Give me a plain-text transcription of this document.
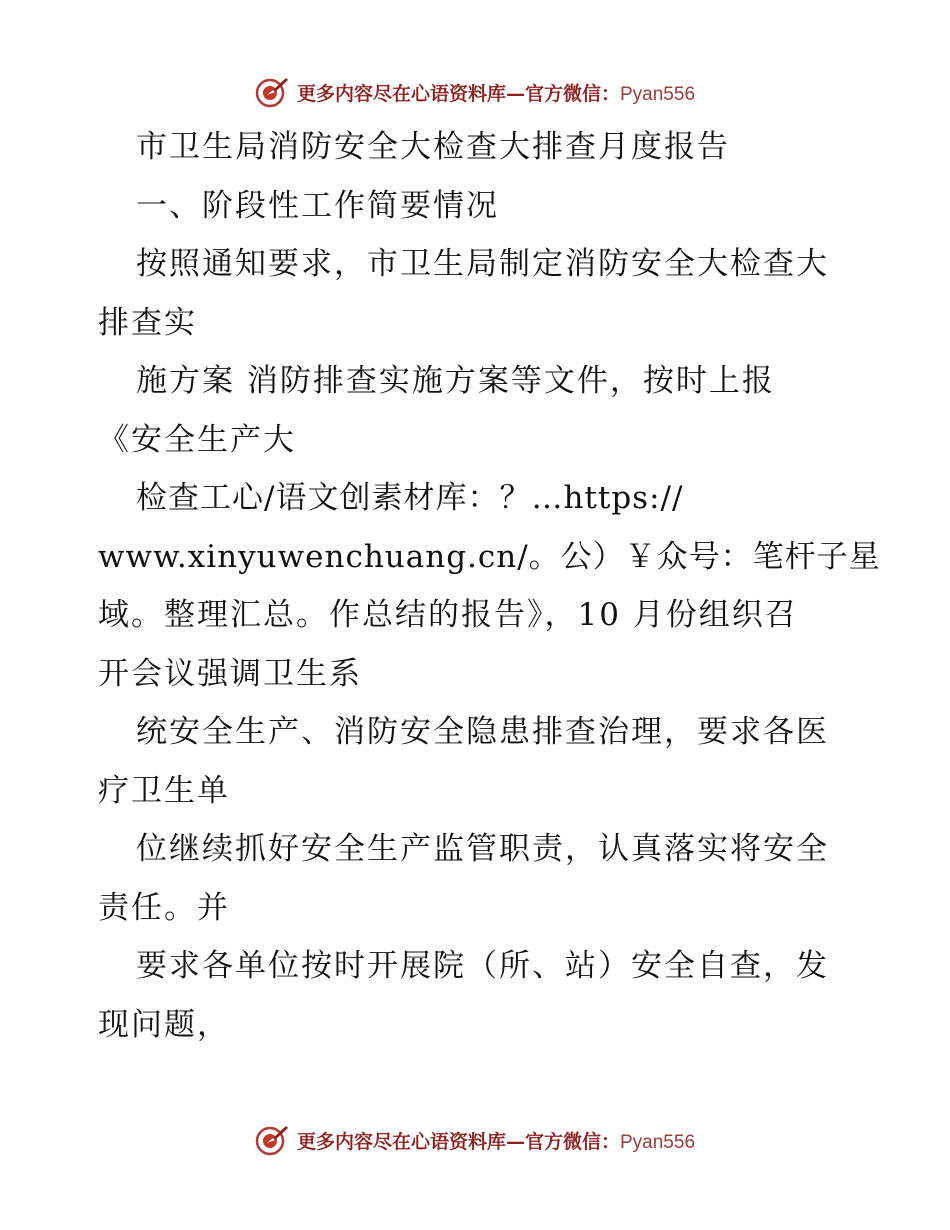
更多内容尽在心语资料库—官方微信：Pyan556
市卫生局消防安全大检查大排查月度报告
一、阶段性工作简要情况
按照通知要求，市卫生局制定消防安全大检查大
排查实
施方案 消防排查实施方案等文件，按时上报
《安全生产大
检查工心/语文创素材库：？…https://
www.xinyuwenchuang.cn/。公）￥众号：笔杆子星
域。整理汇总。作总结的报告》，10 月份组织召
开会议强调卫生系
统安全生产、消防安全隐患排查治理，要求各医
疗卫生单
位继续抓好安全生产监管职责，认真落实将安全
责任。并
要求各单位按时开展院（所、站）安全自查，发
现问题，
更多内容尽在心语资料库—官方微信：Pyan556
